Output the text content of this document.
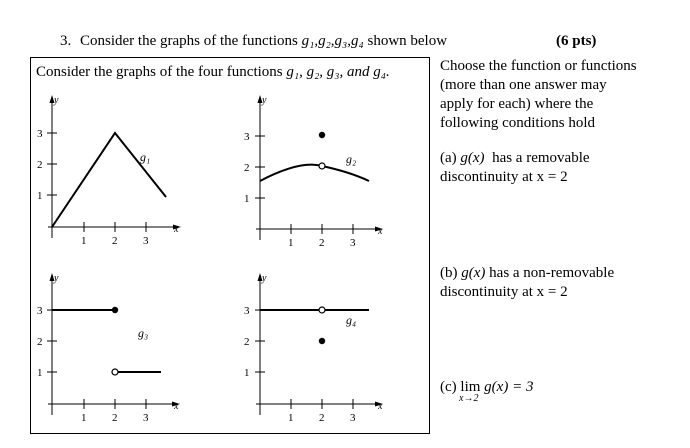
3. Consider the graphs of the functions g₁,g₂,g₃,g₄ shown below	(6 pts)
Consider the graphs of the four functions g₁, g₂, g₃, and g₄.
y
x
3
2
1
1 2 3
g₁
y
x
3
2
1
1 2 3
g₂
y
x
3
2
1
1 2 3
g₃
y
x
3
2
1
1 2 3
g₄
Choose the function or functions
(more than one answer may
apply for each) where the
following conditions hold
(a) g(x) has a removable
discontinuity at x = 2
(b) g(x) has a non-removable
discontinuity at x = 2
(c) lim g(x) = 3
x→2
